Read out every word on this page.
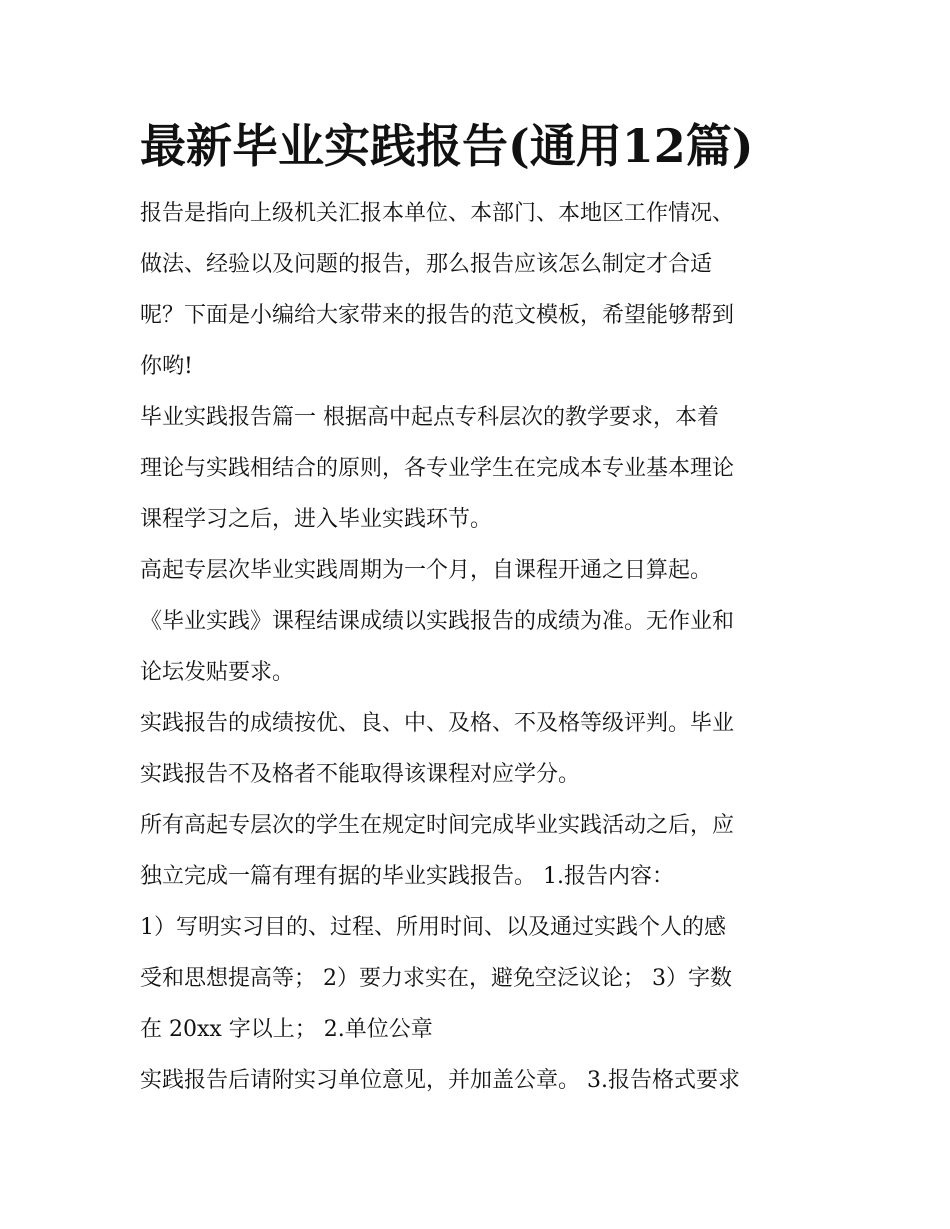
最新毕业实践报告(通用12篇)
报告是指向上级机关汇报本单位、本部门、本地区工作情况、
做法、经验以及问题的报告，那么报告应该怎么制定才合适
呢？下面是小编给大家带来的报告的范文模板，希望能够帮到
你哟!
毕业实践报告篇一 根据高中起点专科层次的教学要求，本着
理论与实践相结合的原则，各专业学生在完成本专业基本理论
课程学习之后，进入毕业实践环节。
高起专层次毕业实践周期为一个月，自课程开通之日算起。
《毕业实践》课程结课成绩以实践报告的成绩为准。无作业和
论坛发贴要求。
实践报告的成绩按优、良、中、及格、不及格等级评判。毕业
实践报告不及格者不能取得该课程对应学分。
所有高起专层次的学生在规定时间完成毕业实践活动之后，应
独立完成一篇有理有据的毕业实践报告。 1.报告内容：
1）写明实习目的、过程、所用时间、以及通过实践个人的感
受和思想提高等； 2）要力求实在，避免空泛议论； 3）字数
在 20xx 字以上； 2.单位公章
实践报告后请附实习单位意见，并加盖公章。 3.报告格式要求
